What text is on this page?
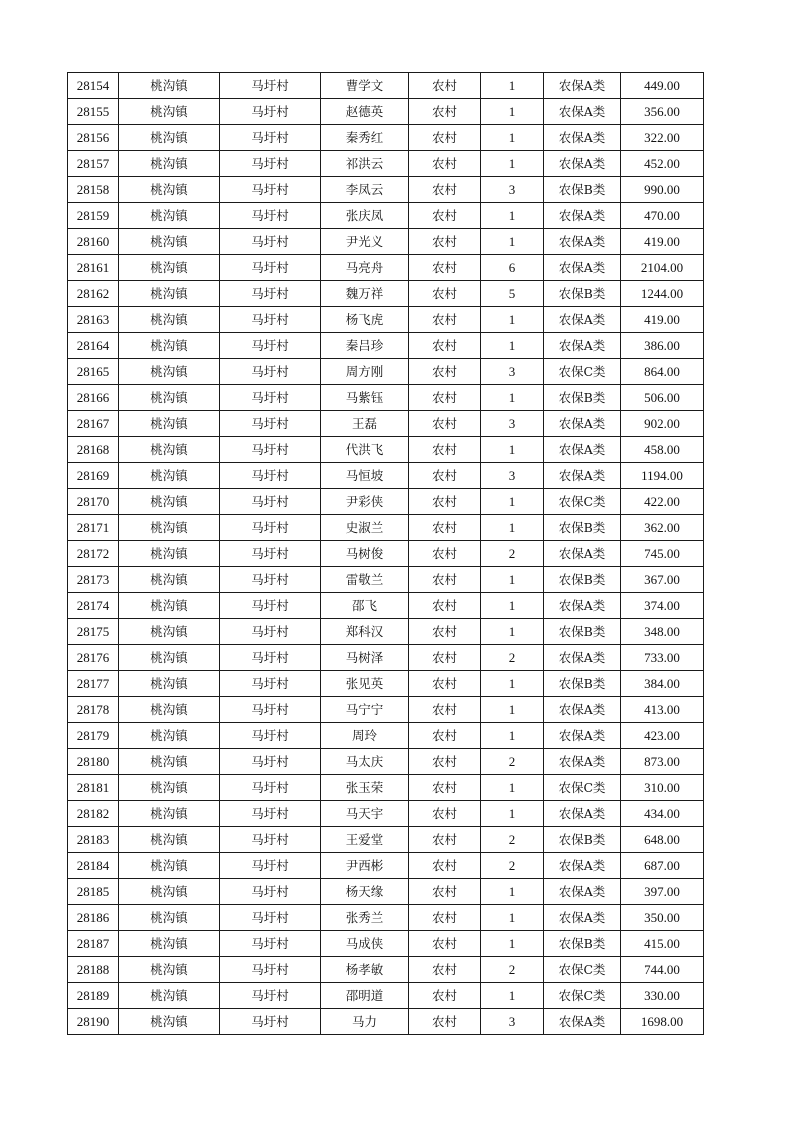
28154	桃沟镇	马圩村	曹学文	农村	1	农保A类	449.00
28155	桃沟镇	马圩村	赵德英	农村	1	农保A类	356.00
28156	桃沟镇	马圩村	秦秀红	农村	1	农保A类	322.00
28157	桃沟镇	马圩村	祁洪云	农村	1	农保A类	452.00
28158	桃沟镇	马圩村	李凤云	农村	3	农保B类	990.00
28159	桃沟镇	马圩村	张庆凤	农村	1	农保A类	470.00
28160	桃沟镇	马圩村	尹光义	农村	1	农保A类	419.00
28161	桃沟镇	马圩村	马亮舟	农村	6	农保A类	2104.00
28162	桃沟镇	马圩村	魏万祥	农村	5	农保B类	1244.00
28163	桃沟镇	马圩村	杨飞虎	农村	1	农保A类	419.00
28164	桃沟镇	马圩村	秦吕珍	农村	1	农保A类	386.00
28165	桃沟镇	马圩村	周方刚	农村	3	农保C类	864.00
28166	桃沟镇	马圩村	马紫钰	农村	1	农保B类	506.00
28167	桃沟镇	马圩村	王磊	农村	3	农保A类	902.00
28168	桃沟镇	马圩村	代洪飞	农村	1	农保A类	458.00
28169	桃沟镇	马圩村	马恒坡	农村	3	农保A类	1194.00
28170	桃沟镇	马圩村	尹彩侠	农村	1	农保C类	422.00
28171	桃沟镇	马圩村	史淑兰	农村	1	农保B类	362.00
28172	桃沟镇	马圩村	马树俊	农村	2	农保A类	745.00
28173	桃沟镇	马圩村	雷敬兰	农村	1	农保B类	367.00
28174	桃沟镇	马圩村	邵飞	农村	1	农保A类	374.00
28175	桃沟镇	马圩村	郑科汉	农村	1	农保B类	348.00
28176	桃沟镇	马圩村	马树泽	农村	2	农保A类	733.00
28177	桃沟镇	马圩村	张见英	农村	1	农保B类	384.00
28178	桃沟镇	马圩村	马宁宁	农村	1	农保A类	413.00
28179	桃沟镇	马圩村	周玲	农村	1	农保A类	423.00
28180	桃沟镇	马圩村	马太庆	农村	2	农保A类	873.00
28181	桃沟镇	马圩村	张玉荣	农村	1	农保C类	310.00
28182	桃沟镇	马圩村	马天宇	农村	1	农保A类	434.00
28183	桃沟镇	马圩村	王爱堂	农村	2	农保B类	648.00
28184	桃沟镇	马圩村	尹西彬	农村	2	农保A类	687.00
28185	桃沟镇	马圩村	杨天缘	农村	1	农保A类	397.00
28186	桃沟镇	马圩村	张秀兰	农村	1	农保A类	350.00
28187	桃沟镇	马圩村	马成侠	农村	1	农保B类	415.00
28188	桃沟镇	马圩村	杨孝敏	农村	2	农保C类	744.00
28189	桃沟镇	马圩村	邵明道	农村	1	农保C类	330.00
28190	桃沟镇	马圩村	马力	农村	3	农保A类	1698.00
